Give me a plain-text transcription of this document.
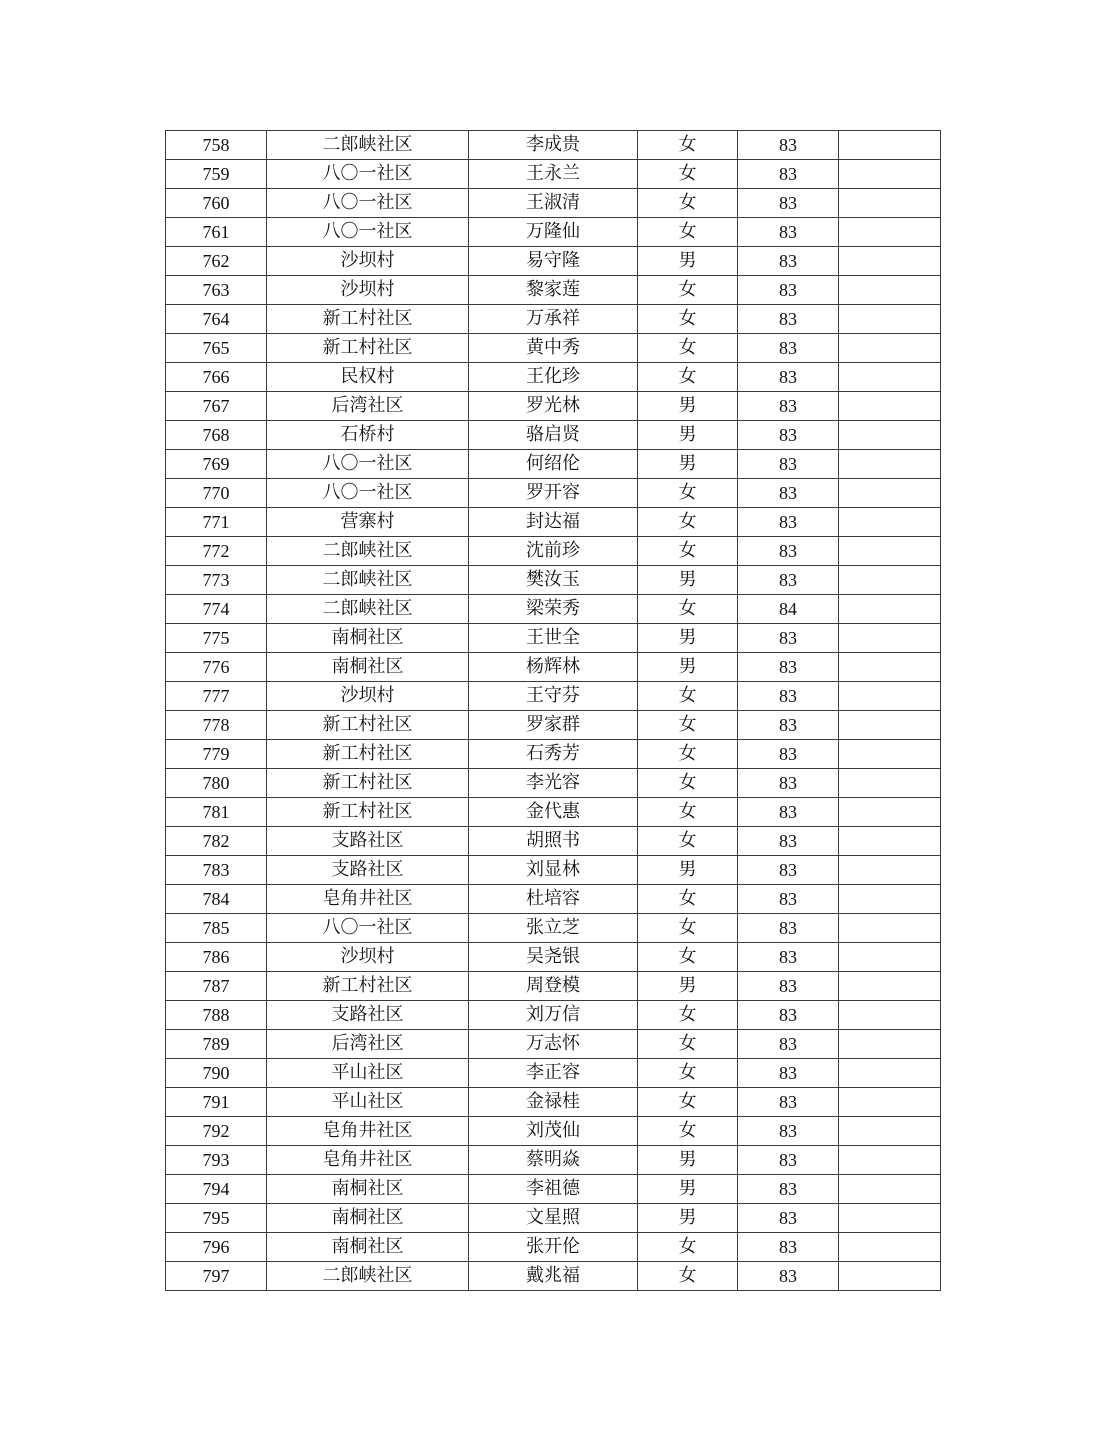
758	二郎峡社区	李成贵	女	83	
759	八〇一社区	王永兰	女	83	
760	八〇一社区	王淑清	女	83	
761	八〇一社区	万隆仙	女	83	
762	沙坝村	易守隆	男	83	
763	沙坝村	黎家莲	女	83	
764	新工村社区	万承祥	女	83	
765	新工村社区	黄中秀	女	83	
766	民权村	王化珍	女	83	
767	后湾社区	罗光林	男	83	
768	石桥村	骆启贤	男	83	
769	八〇一社区	何绍伦	男	83	
770	八〇一社区	罗开容	女	83	
771	营寨村	封达福	女	83	
772	二郎峡社区	沈前珍	女	83	
773	二郎峡社区	樊汝玉	男	83	
774	二郎峡社区	梁荣秀	女	84	
775	南桐社区	王世全	男	83	
776	南桐社区	杨辉林	男	83	
777	沙坝村	王守芬	女	83	
778	新工村社区	罗家群	女	83	
779	新工村社区	石秀芳	女	83	
780	新工村社区	李光容	女	83	
781	新工村社区	金代惠	女	83	
782	支路社区	胡照书	女	83	
783	支路社区	刘显林	男	83	
784	皂角井社区	杜培容	女	83	
785	八〇一社区	张立芝	女	83	
786	沙坝村	吴尧银	女	83	
787	新工村社区	周登模	男	83	
788	支路社区	刘万信	女	83	
789	后湾社区	万志怀	女	83	
790	平山社区	李正容	女	83	
791	平山社区	金禄桂	女	83	
792	皂角井社区	刘茂仙	女	83	
793	皂角井社区	蔡明焱	男	83	
794	南桐社区	李祖德	男	83	
795	南桐社区	文星照	男	83	
796	南桐社区	张开伦	女	83	
797	二郎峡社区	戴兆福	女	83	
